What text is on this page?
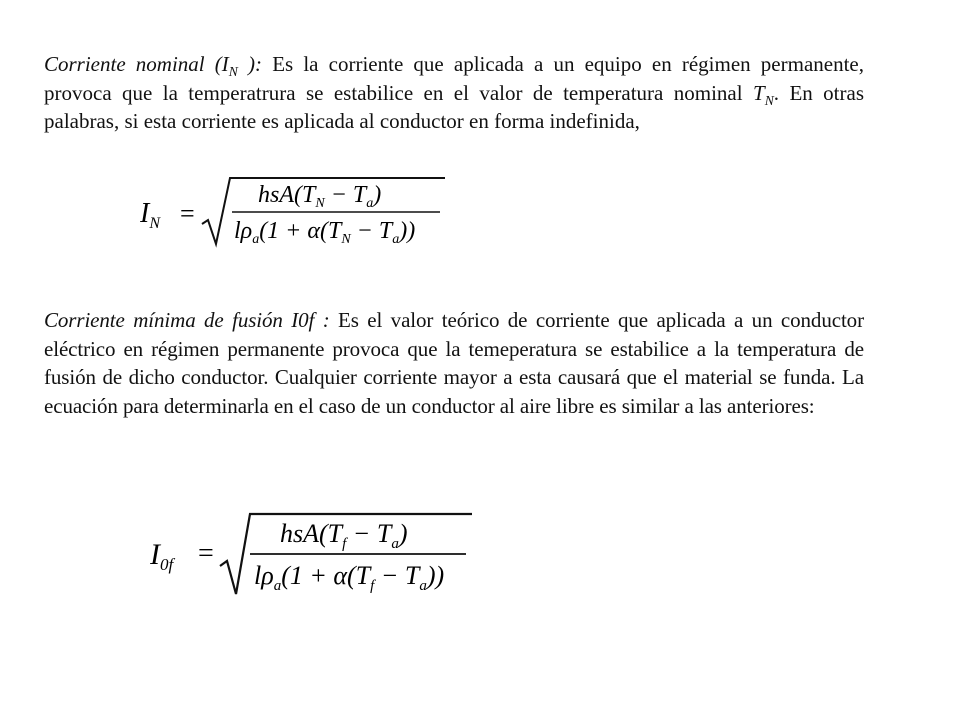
Corriente nominal ($I_N$ ): Es la corriente que aplicada a un equipo en régimen permanente, provoca que la temperatrura se estabilice en el valor de temperatura nominal $T_N$. En otras palabras, si esta corriente es aplicada al conductor en forma indefinida,

$I_N$ =
$hsA(T_N - T_a)$
$l\rho_a(1 + \alpha(T_N - T_a))$

Corriente mínima de fusión I0f : Es el valor teórico de corriente que aplicada a un conductor eléctrico en régimen permanente provoca que la temeperatura se estabilice a la temperatura de fusión de dicho conductor. Cualquier corriente mayor a esta causará que el material se funda. La ecuación para determinarla en el caso de un conductor al aire libre es similar a las anteriores:

$I_{0f}$ =
$hsA(T_f - T_a)$
$l\rho_a(1 + \alpha(T_f - T_a))$
